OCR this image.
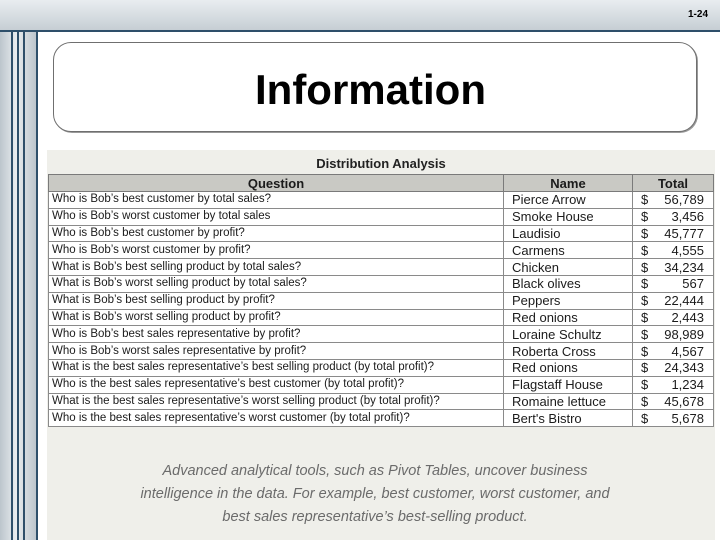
1-24
Information
Distribution Analysis
Question	Name	Total
Who is Bob’s best customer by total sales?	Pierce Arrow	$ 56,789

Who is Bob’s worst customer by total sales	Smoke House	$ 3,456

Who is Bob’s best customer by profit?	Laudisio	$ 45,777

Who is Bob’s worst customer by profit?	Carmens	$ 4,555

What is Bob’s best selling product by total sales?	Chicken	$ 34,234

What is Bob’s worst selling product by total sales?	Black olives	$ 567

What is Bob’s best selling product by profit?	Peppers	$ 22,444

What is Bob’s worst selling product by profit?	Red onions	$ 2,443

Who is Bob’s best sales representative by profit?	Loraine Schultz	$ 98,989

Who is Bob’s worst sales representative by profit?	Roberta Cross	$ 4,567

What is the best sales representative’s best selling product (by total profit)?	Red onions	$ 24,343

Who is the best sales representative’s best customer (by total profit)?	Flagstaff House	$ 1,234

What is the best sales representative’s worst selling product (by total profit)?	Romaine lettuce	$ 45,678

Who is the best sales representative’s worst customer (by total profit)?	Bert's Bistro	$ 5,678
Advanced analytical tools, such as Pivot Tables, uncover business intelligence in the data. For example, best customer, worst customer, and best sales representative’s best-selling product.
